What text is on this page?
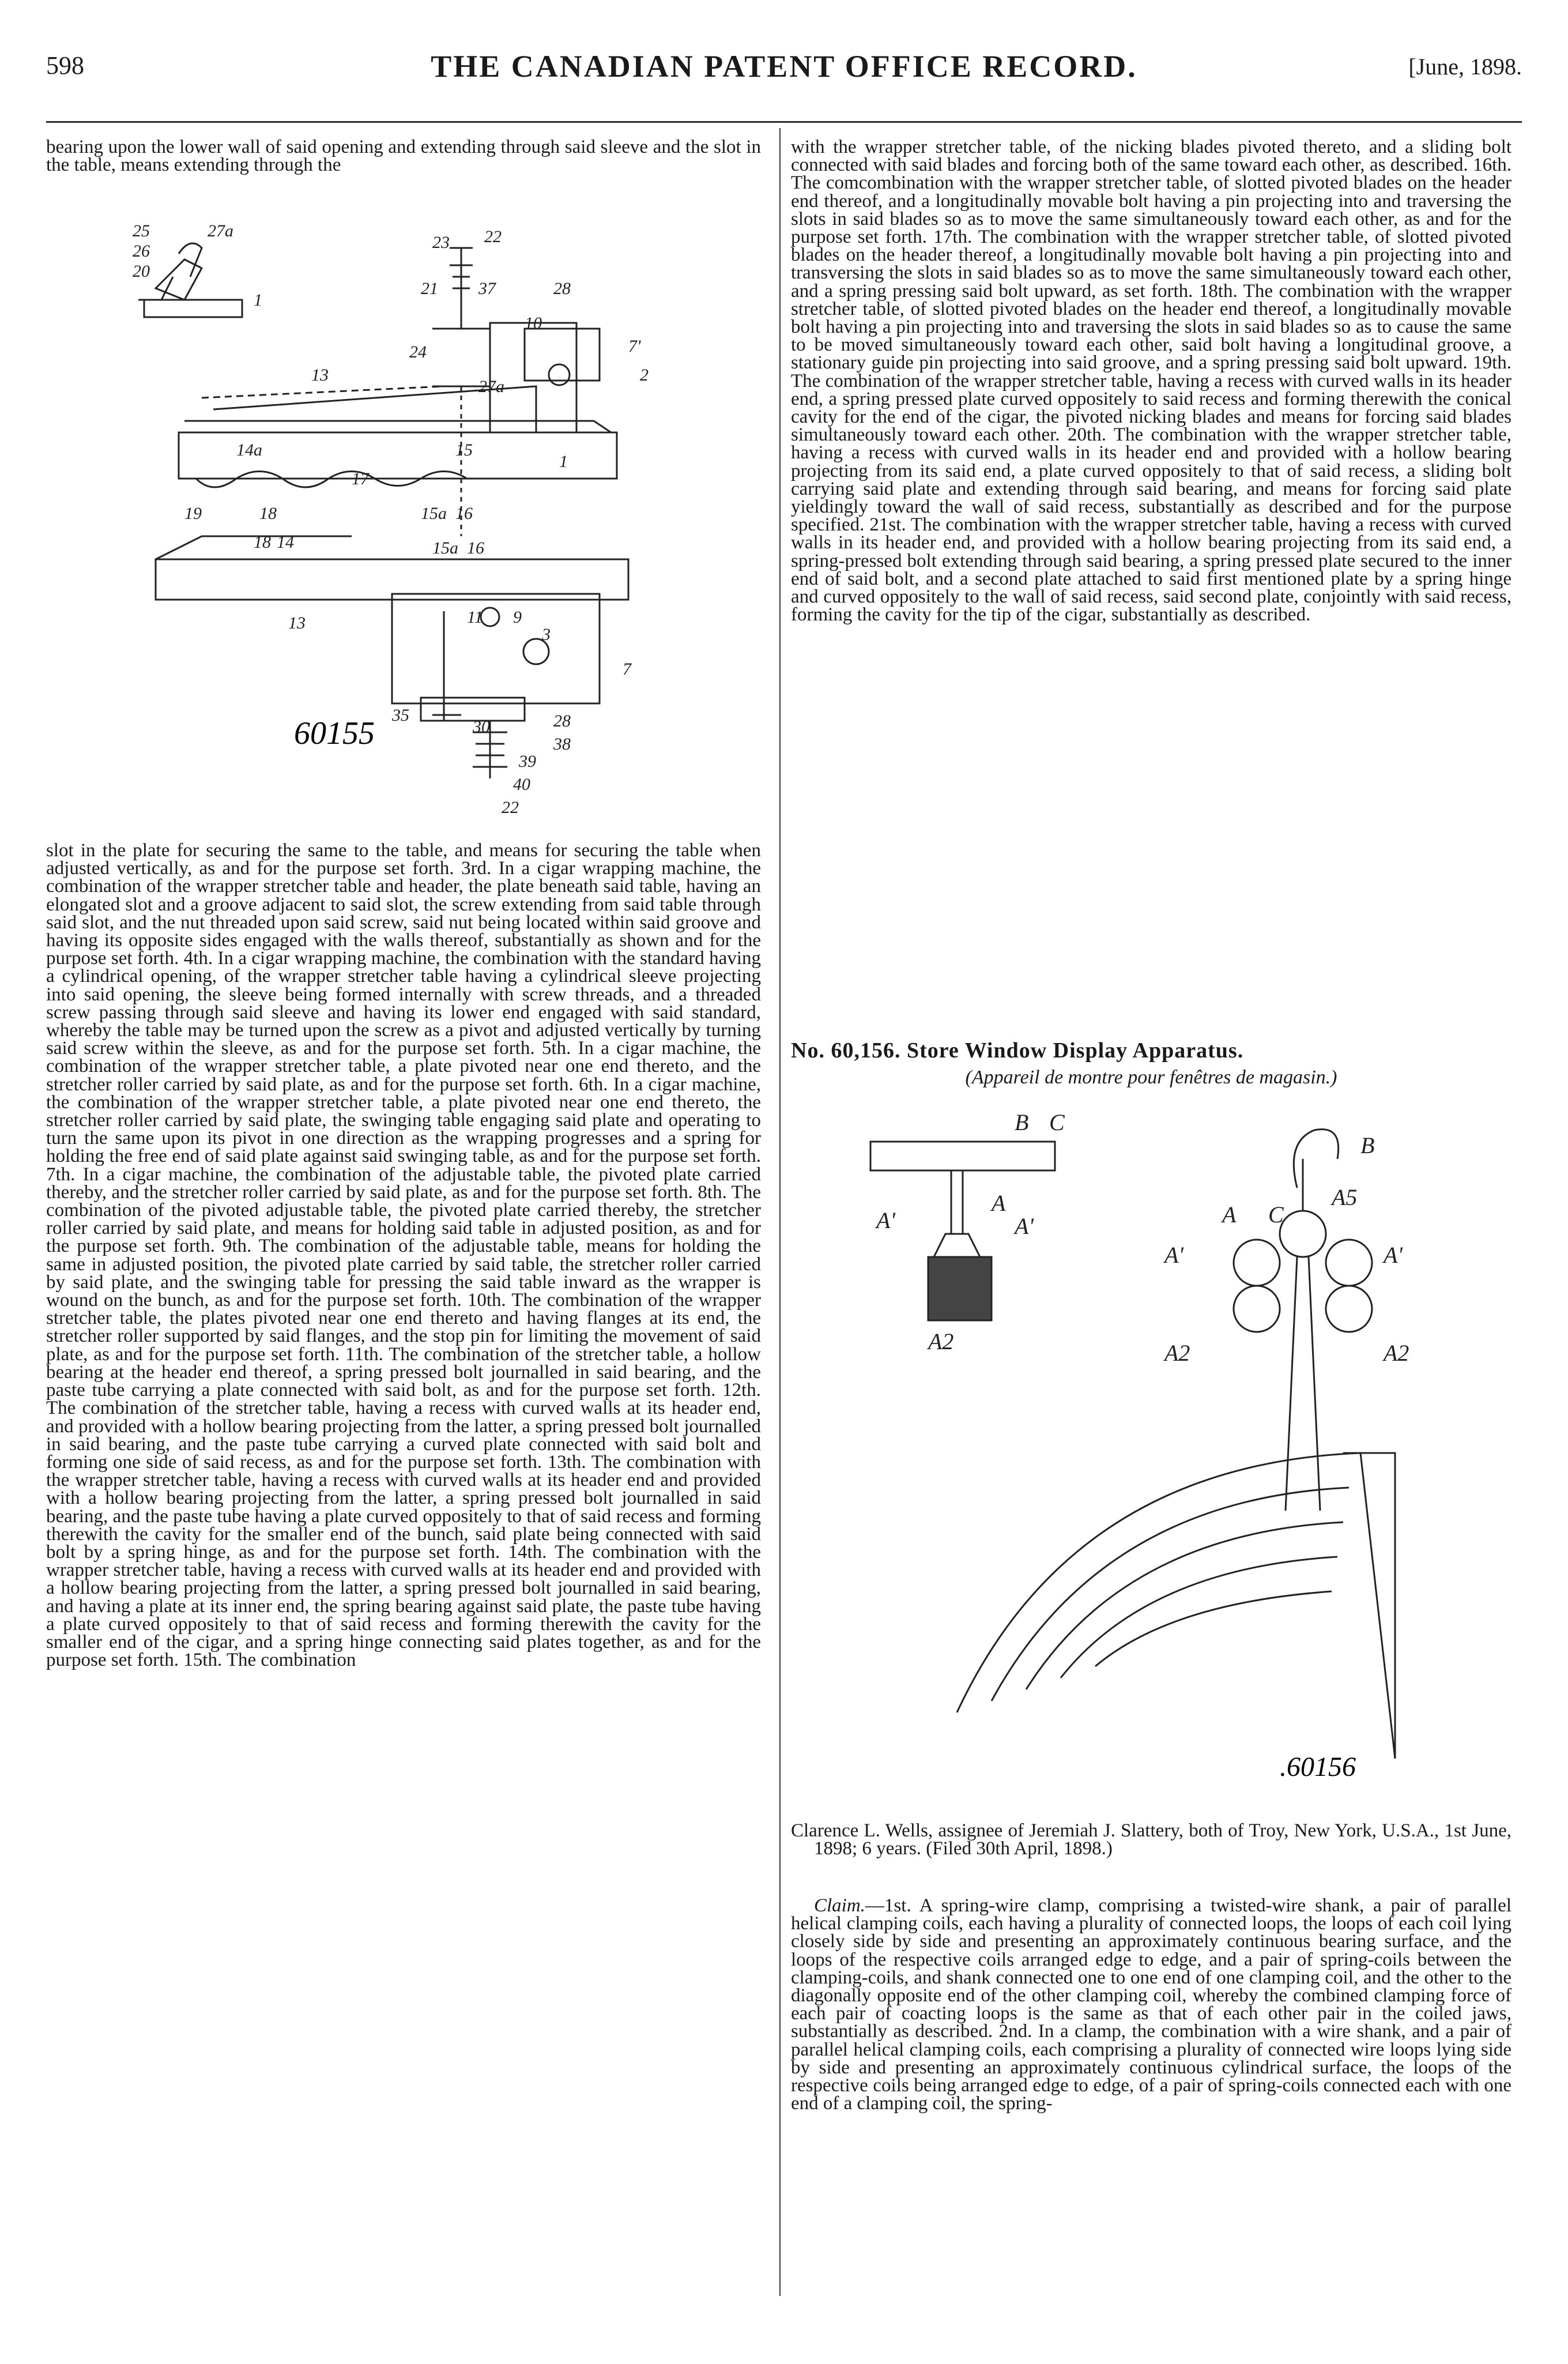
598	THE CANADIAN PATENT OFFICE RECORD.	[June, 1898.
bearing upon the lower wall of said opening and extending through said sleeve and the slot in the table, means extending through the
25
26
20
27a
1
23 22
21 37	28
24
10
7'
2
13
27a
14a	15
1
17
19	18	15a 16
18 14	15a 16
13	11 9
3
7
35
30	28
38
39
40
22
60155
slot in the plate for securing the same to the table, and means for securing the table when adjusted vertically, as and for the purpose set forth. 3rd. In a cigar wrapping machine, the combination of the wrapper stretcher table and header, the plate beneath said table, having an elongated slot and a groove adjacent to said slot, the screw extending from said table through said slot, and the nut threaded upon said screw, said nut being located within said groove and having its opposite sides engaged with the walls thereof, substantially as shown and for the purpose set forth. 4th. In a cigar wrapping machine, the combination with the standard having a cylindrical opening, of the wrapper stretcher table having a cylindrical sleeve projecting into said opening, the sleeve being formed internally with screw threads, and a threaded screw passing through said sleeve and having its lower end engaged with said standard, whereby the table may be turned upon the screw as a pivot and adjusted vertically by turning said screw within the sleeve, as and for the purpose set forth. 5th. In a cigar machine, the combination of the wrapper stretcher table, a plate pivoted near one end thereto, and the stretcher roller carried by said plate, as and for the purpose set forth. 6th. In a cigar machine, the combination of the wrapper stretcher table, a plate pivoted near one end thereto, the stretcher roller carried by said plate, the swinging table engaging said plate and operating to turn the same upon its pivot in one direction as the wrapping progresses and a spring for holding the free end of said plate against said swinging table, as and for the purpose set forth. 7th. In a cigar machine, the combination of the adjustable table, the pivoted plate carried thereby, and the stretcher roller carried by said plate, as and for the purpose set forth. 8th. The combination of the pivoted adjustable table, the pivoted plate carried thereby, the stretcher roller carried by said plate, and means for holding said table in adjusted position, as and for the purpose set forth. 9th. The combination of the adjustable table, means for holding the same in adjusted position, the pivoted plate carried by said table, the stretcher roller carried by said plate, and the swinging table for pressing the said table inward as the wrapper is wound on the bunch, as and for the purpose set forth. 10th. The combination of the wrapper stretcher table, the plates pivoted near one end thereto and having flanges at its end, the stretcher roller supported by said flanges, and the stop pin for limiting the movement of said plate, as and for the purpose set forth. 11th. The combination of the stretcher table, a hollow bearing at the header end thereof, a spring pressed bolt journalled in said bearing, and the paste tube carrying a plate connected with said bolt, as and for the purpose set forth. 12th. The combination of the stretcher table, having a recess with curved walls at its header end, and provided with a hollow bearing projecting from the latter, a spring pressed bolt journalled in said bearing, and the paste tube carrying a curved plate connected with said bolt and forming one side of said recess, as and for the purpose set forth. 13th. The combination with the wrapper stretcher table, having a recess with curved walls at its header end and provided with a hollow bearing projecting from the latter, a spring pressed bolt journalled in said bearing, and the paste tube having a plate curved oppositely to that of said recess and forming therewith the cavity for the smaller end of the bunch, said plate being connected with said bolt by a spring hinge, as and for the purpose set forth. 14th. The combination with the wrapper stretcher table, having a recess with curved walls at its header end and provided with a hollow bearing projecting from the latter, a spring pressed bolt journalled in said bearing, and having a plate at its inner end, the spring bearing against said plate, the paste tube having a plate curved oppositely to that of said recess and forming therewith the cavity for the smaller end of the cigar, and a spring hinge connecting said plates together, as and for the purpose set forth. 15th. The combination
with the wrapper stretcher table, of the nicking blades pivoted thereto, and a sliding bolt connected with said blades and forcing both of the same toward each other, as described. 16th. The comcombination with the wrapper stretcher table, of slotted pivoted blades on the header end thereof, and a longitudinally movable bolt having a pin projecting into and traversing the slots in said blades so as to move the same simultaneously toward each other, as and for the purpose set forth. 17th. The combination with the wrapper stretcher table, of slotted pivoted blades on the header thereof, a longitudinally movable bolt having a pin projecting into and transversing the slots in said blades so as to move the same simultaneously toward each other, and a spring pressing said bolt upward, as set forth. 18th. The combination with the wrapper stretcher table, of slotted pivoted blades on the header end thereof, a longitudinally movable bolt having a pin projecting into and traversing the slots in said blades so as to cause the same to be moved simultaneously toward each other, said bolt having a longitudinal groove, a stationary guide pin projecting into said groove, and a spring pressing said bolt upward. 19th. The combination of the wrapper stretcher table, having a recess with curved walls in its header end, a spring pressed plate curved oppositely to said recess and forming therewith the conical cavity for the end of the cigar, the pivoted nicking blades and means for forcing said blades simultaneously toward each other. 20th. The combination with the wrapper stretcher table, having a recess with curved walls in its header end and provided with a hollow bearing projecting from its said end, a plate curved oppositely to that of said recess, a sliding bolt carrying said plate and extending through said bearing, and means for forcing said plate yieldingly toward the wall of said recess, substantially as described and for the purpose specified. 21st. The combination with the wrapper stretcher table, having a recess with curved walls in its header end, and provided with a hollow bearing projecting from its said end, a spring-pressed bolt extending through said bearing, a spring pressed plate secured to the inner end of said bolt, and a second plate attached to said first mentioned plate by a spring hinge and curved oppositely to the wall of said recess, said second plate, conjointly with said recess, forming the cavity for the tip of the cigar, substantially as described.
No. 60,156. Store Window Display Apparatus.
(Appareil de montre pour fenêtres de magasin.)
B C
A
A'	A'
A2
A C
B
A5
A'	A'
A2	A2
.60156
Clarence L. Wells, assignee of Jeremiah J. Slattery, both of Troy, New York, U.S.A., 1st June, 1898; 6 years. (Filed 30th April, 1898.)
Claim.—1st. A spring-wire clamp, comprising a twisted-wire shank, a pair of parallel helical clamping coils, each having a plurality of connected loops, the loops of each coil lying closely side by side and presenting an approximately continuous bearing surface, and the loops of the respective coils arranged edge to edge, and a pair of spring-coils between the clamping-coils, and shank connected one to one end of one clamping coil, and the other to the diagonally opposite end of the other clamping coil, whereby the combined clamping force of each pair of coacting loops is the same as that of each other pair in the coiled jaws, substantially as described. 2nd. In a clamp, the combination with a wire shank, and a pair of parallel helical clamping coils, each comprising a plurality of connected wire loops lying side by side and presenting an approximately continuous cylindrical surface, the loops of the respective coils being arranged edge to edge, of a pair of spring-coils connected each with one end of a clamping coil, the spring-
